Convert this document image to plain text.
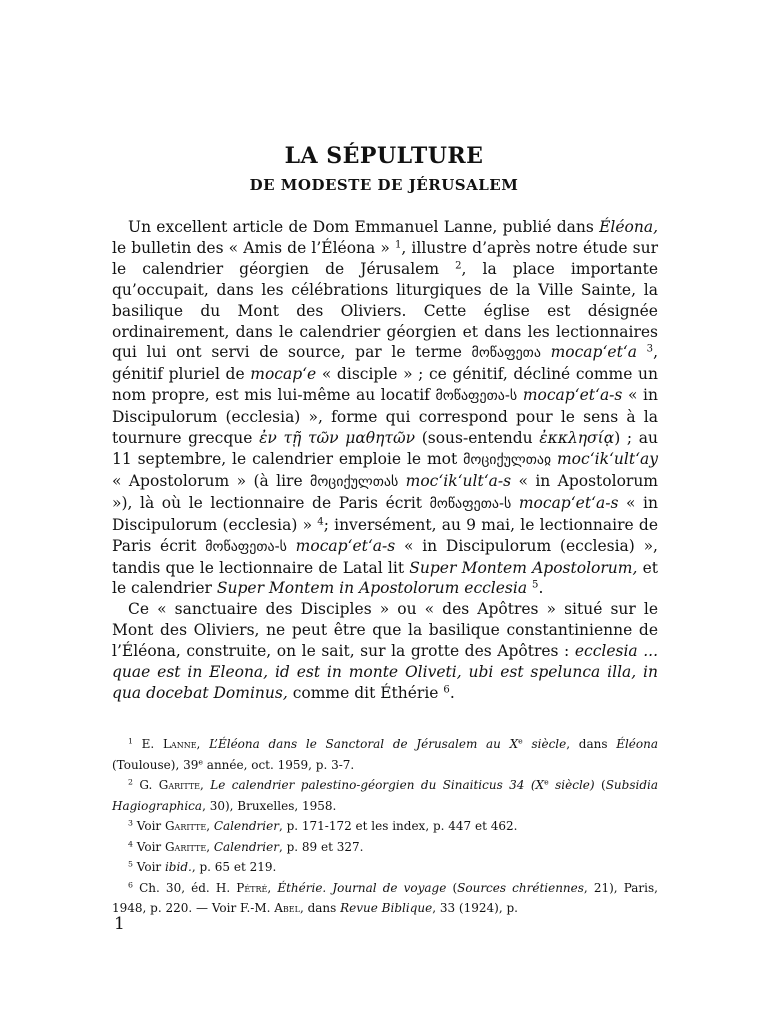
LA SÉPULTURE
DE MODESTE DE JÉRUSALEM

Un excellent article de Dom Emmanuel Lanne, publié dans Éléona, le bulletin des « Amis de l’Éléona » $^1$, illustre d’après notre étude sur le calendrier géorgien de Jérusalem $^2$, la place importante qu’occupait, dans les célébrations liturgiques de la Ville Sainte, la basilique du Mont des Oliviers. Cette église est désignée ordinairement, dans le calendrier géorgien et dans les lectionnaires qui lui ont servi de source, par le terme მოწაფეთა mocap‘et‘a $^3$, génitif pluriel de mocap‘e « disciple » ; ce génitif, décliné comme un nom propre, est mis lui-même au locatif მოწაფეთა-ს mocap‘et‘a-s « in Discipulorum (ecclesia) », forme qui correspond pour le sens à la tournure grecque ἐν τῇ τῶν μαθητῶν (sous-entendu ἐκκλησίᾳ) ; au 11 septembre, le calendrier emploie le mot მოციქულთაჲ moc‘ik‘ult‘ay « Apostolorum » (à lire მოციქულთას moc‘ik‘ult‘a-s « in Apostolorum »), là où le lectionnaire de Paris écrit მოწაფეთა-ს mocap‘et‘a-s « in Discipulorum (ecclesia) » $^4$; inversément, au 9 mai, le lectionnaire de Paris écrit მოწაფეთა-ს mocap‘et‘a-s « in Discipulorum (ecclesia) », tandis que le lectionnaire de Latal lit Super Montem Apostolorum, et le calendrier Super Montem in Apostolorum ecclesia $^5$.

Ce « sanctuaire des Disciples » ou « des Apôtres » situé sur le Mont des Oliviers, ne peut être que la basilique constantinienne de l’Éléona, construite, on le sait, sur la grotte des Apôtres : ecclesia ... quae est in Eleona, id est in monte Oliveti, ubi est spelunca illa, in qua docebat Dominus, comme dit Éthérie $^6$.

$^1$ E. Lanne, L’Éléona dans le Sanctoral de Jérusalem au Xe siècle, dans Éléona (Toulouse), 39e année, oct. 1959, p. 3-7.

$^2$ G. Garitte, Le calendrier palestino-géorgien du Sinaiticus 34 (Xe siècle) (Subsidia Hagiographica, 30), Bruxelles, 1958.

$^3$ Voir Garitte, Calendrier, p. 171-172 et les index, p. 447 et 462.

$^4$ Voir Garitte, Calendrier, p. 89 et 327.

$^5$ Voir ibid., p. 65 et 219.

$^6$ Ch. 30, éd. H. Pétré, Éthérie. Journal de voyage (Sources chrétiennes, 21), Paris, 1948, p. 220. — Voir F.-M. Abel, dans Revue Biblique, 33 (1924), p.

1
